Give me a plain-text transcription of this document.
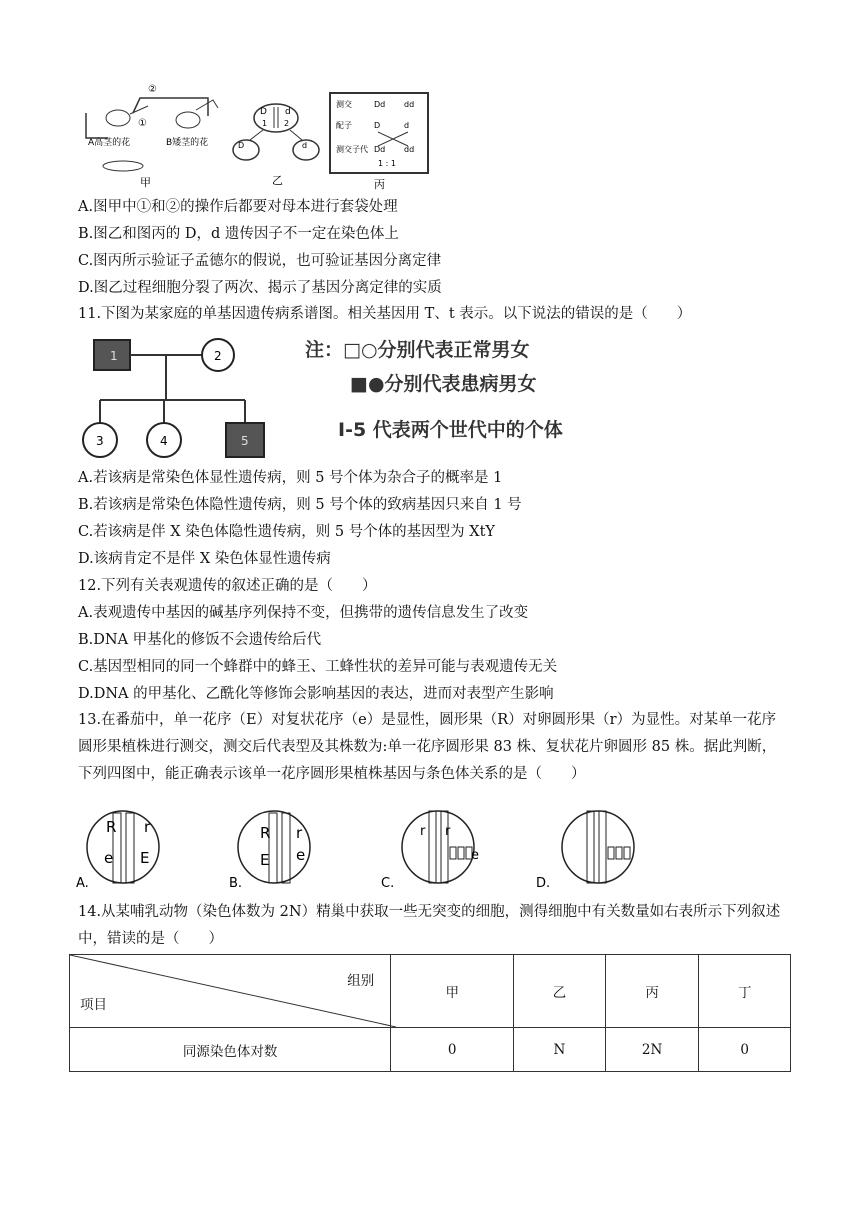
②
①
A高茎的花	B矮茎的花
甲
D d
1 2
D	d
乙
测交	Dd dd
配子	D	d
测交子代 Dd dd
1 : 1
丙
A.图甲中①和②的操作后都要对母本进行套袋处理
B.图乙和图丙的 D，d 遗传因子不一定在染色体上
C.图丙所示验证子孟德尔的假说，也可验证基因分离定律
D.图乙过程细胞分裂了两次、揭示了基因分离定律的实质
11.下图为某家庭的单基因遗传病系谱图。相关基因用 T、t 表示。以下说法的错误的是（　　）
1	2
3	4	5
注：□○分别代表正常男女
■●分别代表患病男女
Ⅰ-5 代表两个世代中的个体
A.若该病是常染色体显性遗传病，则 5 号个体为杂合子的概率是 1
B.若该病是常染色体隐性遗传病，则 5 号个体的致病基因只来自 1 号
C.若该病是伴 X 染色体隐性遗传病，则 5 号个体的基因型为 XtY
D.该病肯定不是伴 X 染色体显性遗传病
12.下列有关表观遗传的叙述正确的是（　　）
A.表观遗传中基因的碱基序列保持不变，但携带的遗传信息发生了改变
B.DNA 甲基化的修饭不会遗传给后代
C.基因型相同的同一个蜂群中的蜂王、工蜂性状的差异可能与表观遗传无关
D.DNA 的甲基化、乙酰化等修饰会影响基因的表达，进而对表型产生影响
13.在番茄中，单一花序（E）对复状花序（e）是显性，圆形果（R）对卵圆形果（r）为显性。对某单一花序圆形果植株进行测交，测交后代表型及其株数为:单一花序圆形果 83 株、复状花片卵圆形 85 株。据此判断，下列四图中，能正确表示该单一花序圆形果植株基因与条色体关系的是（　　）
R r
e E
A.
R r
E e
B.
r r
e
C.	D.
14.从某哺乳动物（染色体数为 2N）精巢中获取一些无突变的细胞，测得细胞中有关数量如右表所示下列叙述中，错读的是（　　）
组别
项目	甲	乙	丙	丁
同源染色体对数	0	N	2N	0
